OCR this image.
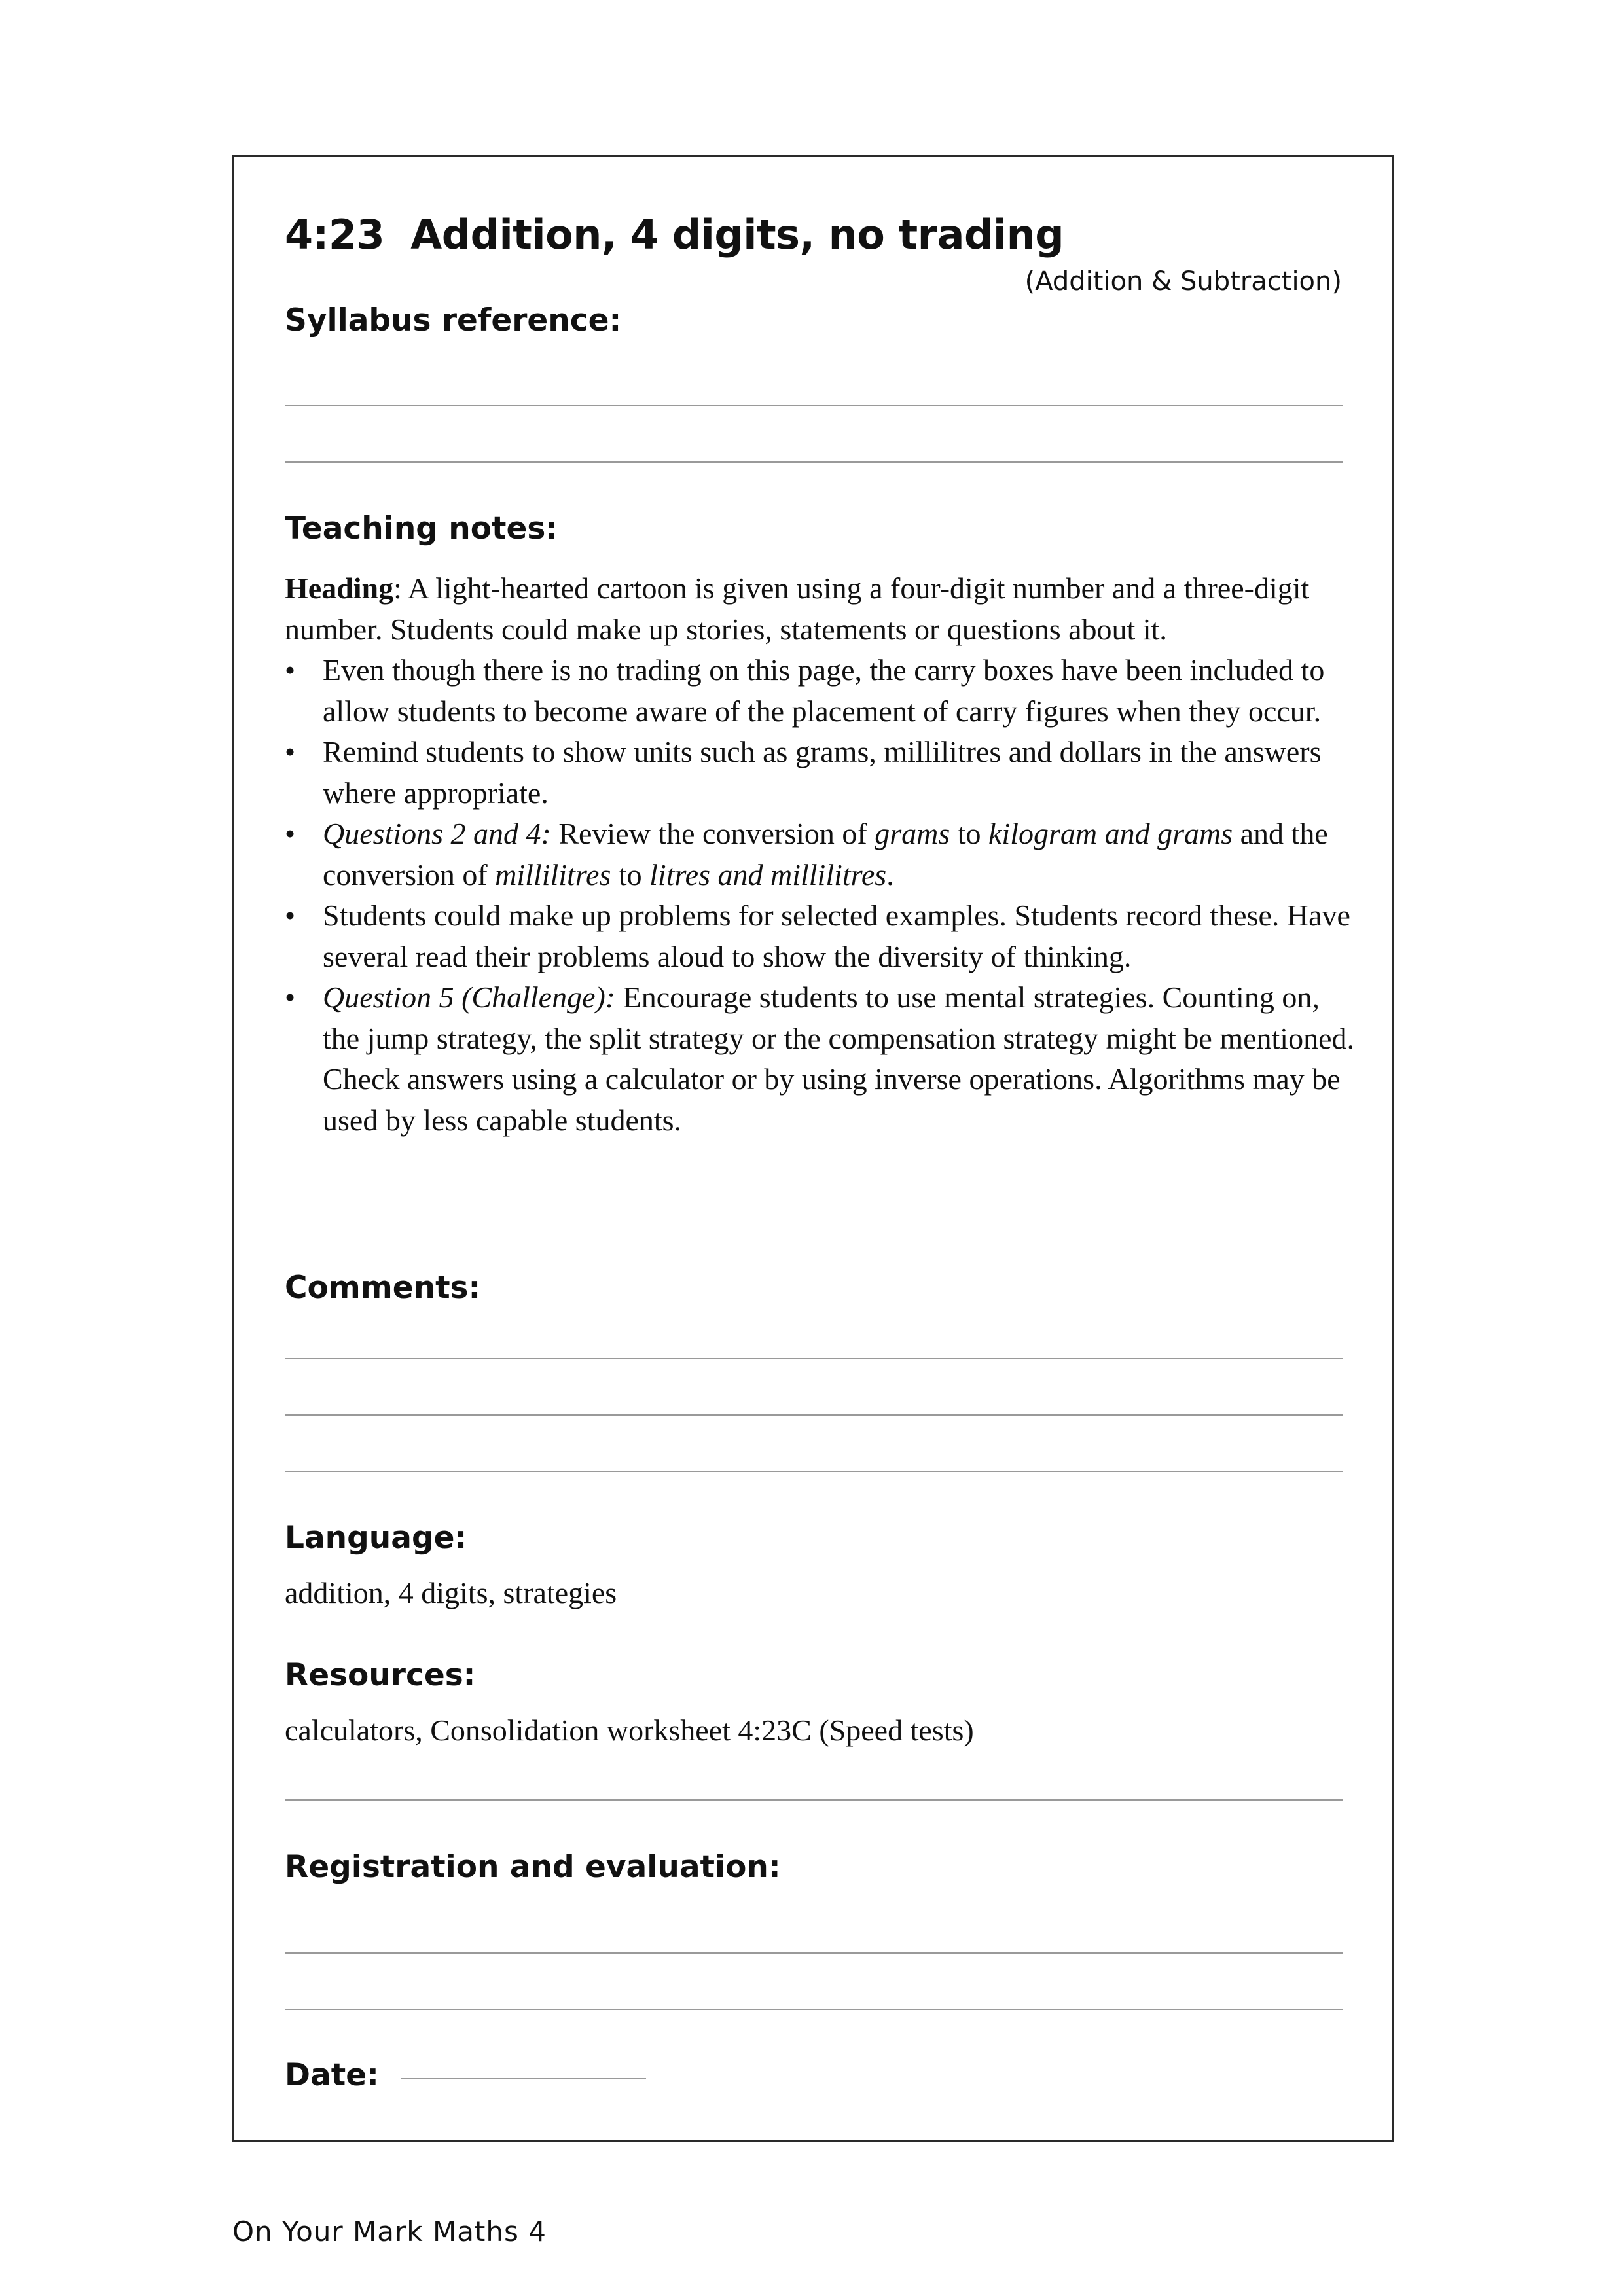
4:23 Addition, 4 digits, no trading
(Addition & Subtraction)
Syllabus reference:
Teaching notes:

Heading: A light-hearted cartoon is given using a four-digit number and a three-digit number. Students could make up stories, statements or questions about it.

• Even though there is no trading on this page, the carry boxes have been included to allow students to become aware of the placement of carry figures when they occur.
• Remind students to show units such as grams, millilitres and dollars in the answers where appropriate.
• Questions 2 and 4: Review the conversion of grams to kilogram and grams and the conversion of millilitres to litres and millilitres.
• Students could make up problems for selected examples. Students record these. Have several read their problems aloud to show the diversity of thinking.
• Question 5 (Challenge): Encourage students to use mental strategies. Counting on, the jump strategy, the split strategy or the compensation strategy might be mentioned. Check answers using a calculator or by using inverse operations. Algorithms may be used by less capable students.
Comments:
Language:
addition, 4 digits, strategies
Resources:
calculators, Consolidation worksheet 4:23C (Speed tests)
Registration and evaluation:
Date:
On Your Mark Maths 4
